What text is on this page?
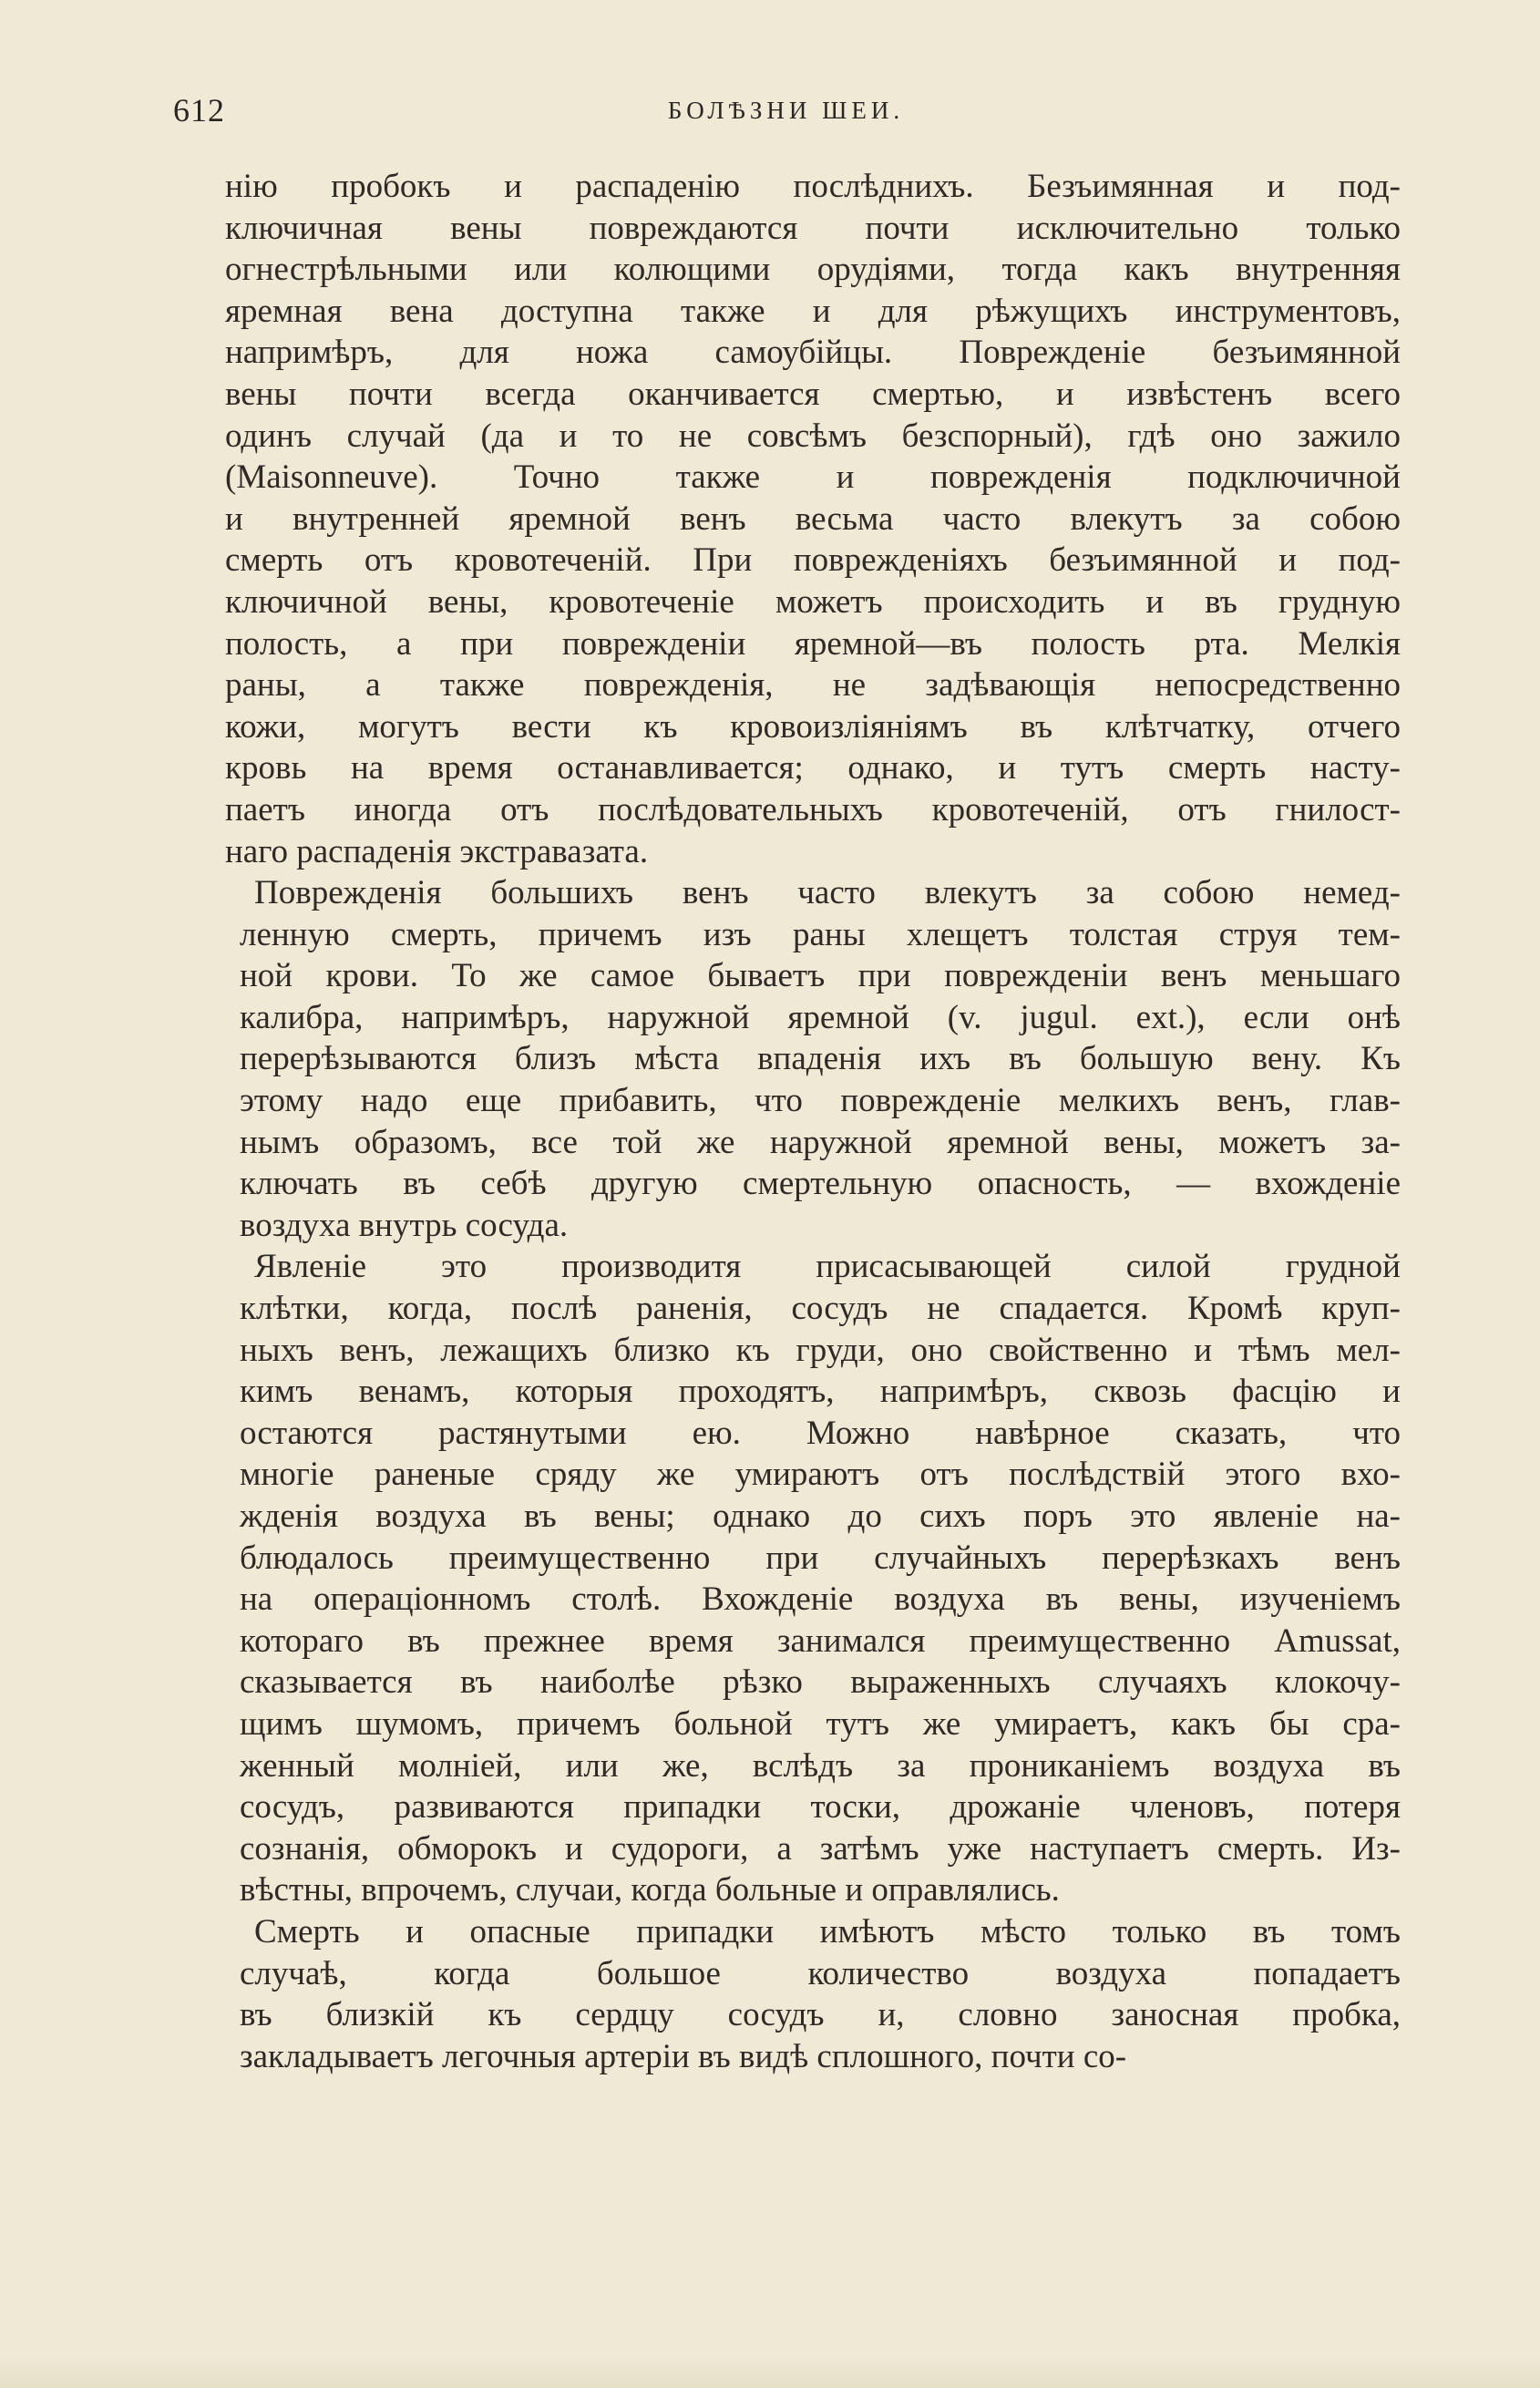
612	БОЛѢЗНИ ШЕИ.
нію пробокъ и распаденію послѣднихъ. Безъимянная и под-
ключичная вены повреждаются почти исключительно только
огнестрѣльными или колющими орудіями, тогда какъ внутренняя
яремная вена доступна также и для рѣжущихъ инструментовъ,
напримѣръ, для ножа самоубійцы. Поврежденіе безъимянной
вены почти всегда оканчивается смертью, и извѣстенъ всего
одинъ случай (да и то не совсѣмъ безспорный), гдѣ оно зажило
(Maisonneuve). Точно также и поврежденія подключичной
и внутренней яремной венъ весьма часто влекутъ за собою
смерть отъ кровотеченій. При поврежденіяхъ безъимянной и под-
ключичной вены, кровотеченіе можетъ происходить и въ грудную
полость, а при поврежденіи яремной—въ полость рта. Мелкія
раны, а также поврежденія, не задѣвающія непосредственно
кожи, могутъ вести къ кровоизліяніямъ въ клѣтчатку, отчего
кровь на время останавливается; однако, и тутъ смерть насту-
паетъ иногда отъ послѣдовательныхъ кровотеченій, отъ гнилост-
наго распаденія экстравазата.
Поврежденія большихъ венъ часто влекутъ за собою немед-
ленную смерть, причемъ изъ раны хлещетъ толстая струя тем-
ной крови. То же самое бываетъ при поврежденіи венъ меньшаго
калибра, напримѣръ, наружной яремной (v. jugul. ext.), если онѣ
перерѣзываются близъ мѣста впаденія ихъ въ большую вену. Къ
этому надо еще прибавить, что поврежденіе мелкихъ венъ, глав-
нымъ образомъ, все той же наружной яремной вены, можетъ за-
ключать въ себѣ другую смертельную опасность, — вхожденіе
воздуха внутрь сосуда.
Явленіе это производитя присасывающей силой грудной
клѣтки, когда, послѣ раненія, сосудъ не спадается. Кромѣ круп-
ныхъ венъ, лежащихъ близко къ груди, оно свойственно и тѣмъ мел-
кимъ венамъ, которыя проходятъ, напримѣръ, сквозь фасцію и
остаются растянутыми ею. Можно навѣрное сказать, что
многіе раненые сряду же умираютъ отъ послѣдствій этого вхо-
жденія воздуха въ вены; однако до сихъ поръ это явленіе на-
блюдалось преимущественно при случайныхъ перерѣзкахъ венъ
на операціонномъ столѣ. Вхожденіе воздуха въ вены, изученіемъ
котораго въ прежнее время занимался преимущественно Amussat,
сказывается въ наиболѣе рѣзко выраженныхъ случаяхъ клокочу-
щимъ шумомъ, причемъ больной тутъ же умираетъ, какъ бы сра-
женный молніей, или же, вслѣдъ за проникaніемъ воздуха въ
сосудъ, развиваются припадки тоски, дрожаніе членовъ, потеря
сознанія, обморокъ и судороги, а затѣмъ уже наступаетъ смерть. Из-
вѣстны, впрочемъ, случаи, когда больные и оправлялись.
Смерть и опасные припадки имѣютъ мѣсто только въ томъ
случаѣ, когда большое количество воздуха попадаетъ
въ близкій къ сердцу сосудъ и, словно заносная пробка,
закладываетъ легочныя артеріи въ видѣ сплошного, почти со-
